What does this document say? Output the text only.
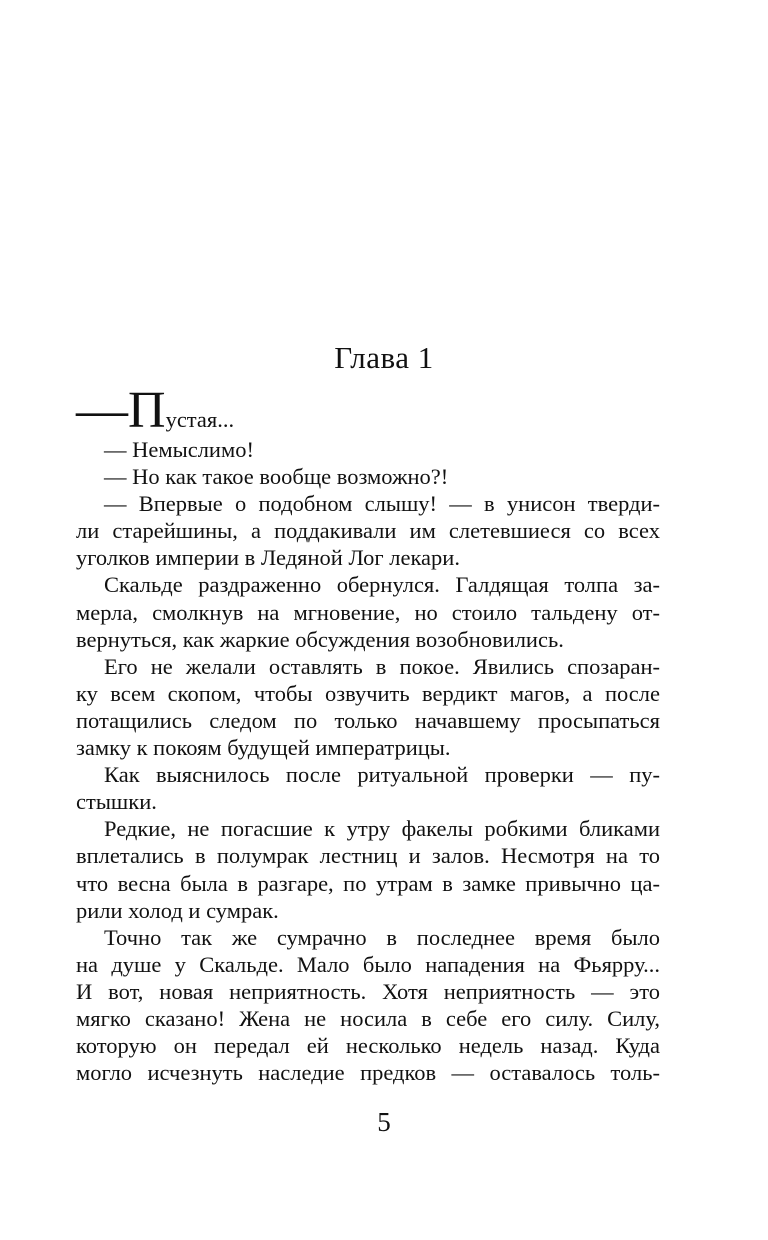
Глава 1
—Пустая...
— Немыслимо!
— Но как такое вообще возможно?!
— Впервые о подобном слышу! — в унисон тверди-
ли старейшины, а поддакивали им слетевшиеся со всех
уголков империи в Ледяной Лог лекари.
Скальде раздраженно обернулся. Галдящая толпа за-
мерла, смолкнув на мгновение, но стоило тальдену от-
вернуться, как жаркие обсуждения возобновились.
Его не желали оставлять в покое. Явились спозаран-
ку всем скопом, чтобы озвучить вердикт магов, а после
потащились следом по только начавшему просыпаться
замку к покоям будущей императрицы.
Как выяснилось после ритуальной проверки — пу-
стышки.
Редкие, не погасшие к утру факелы робкими бликами
вплетались в полумрак лестниц и залов. Несмотря на то
что весна была в разгаре, по утрам в замке привычно ца-
рили холод и сумрак.
Точно так же сумрачно в последнее время было
на душе у Скальде. Мало было нападения на Фьярру...
И вот, новая неприятность. Хотя неприятность — это
мягко сказано! Жена не носила в себе его силу. Силу,
которую он передал ей несколько недель назад. Куда
могло исчезнуть наследие предков — оставалось толь-
5
